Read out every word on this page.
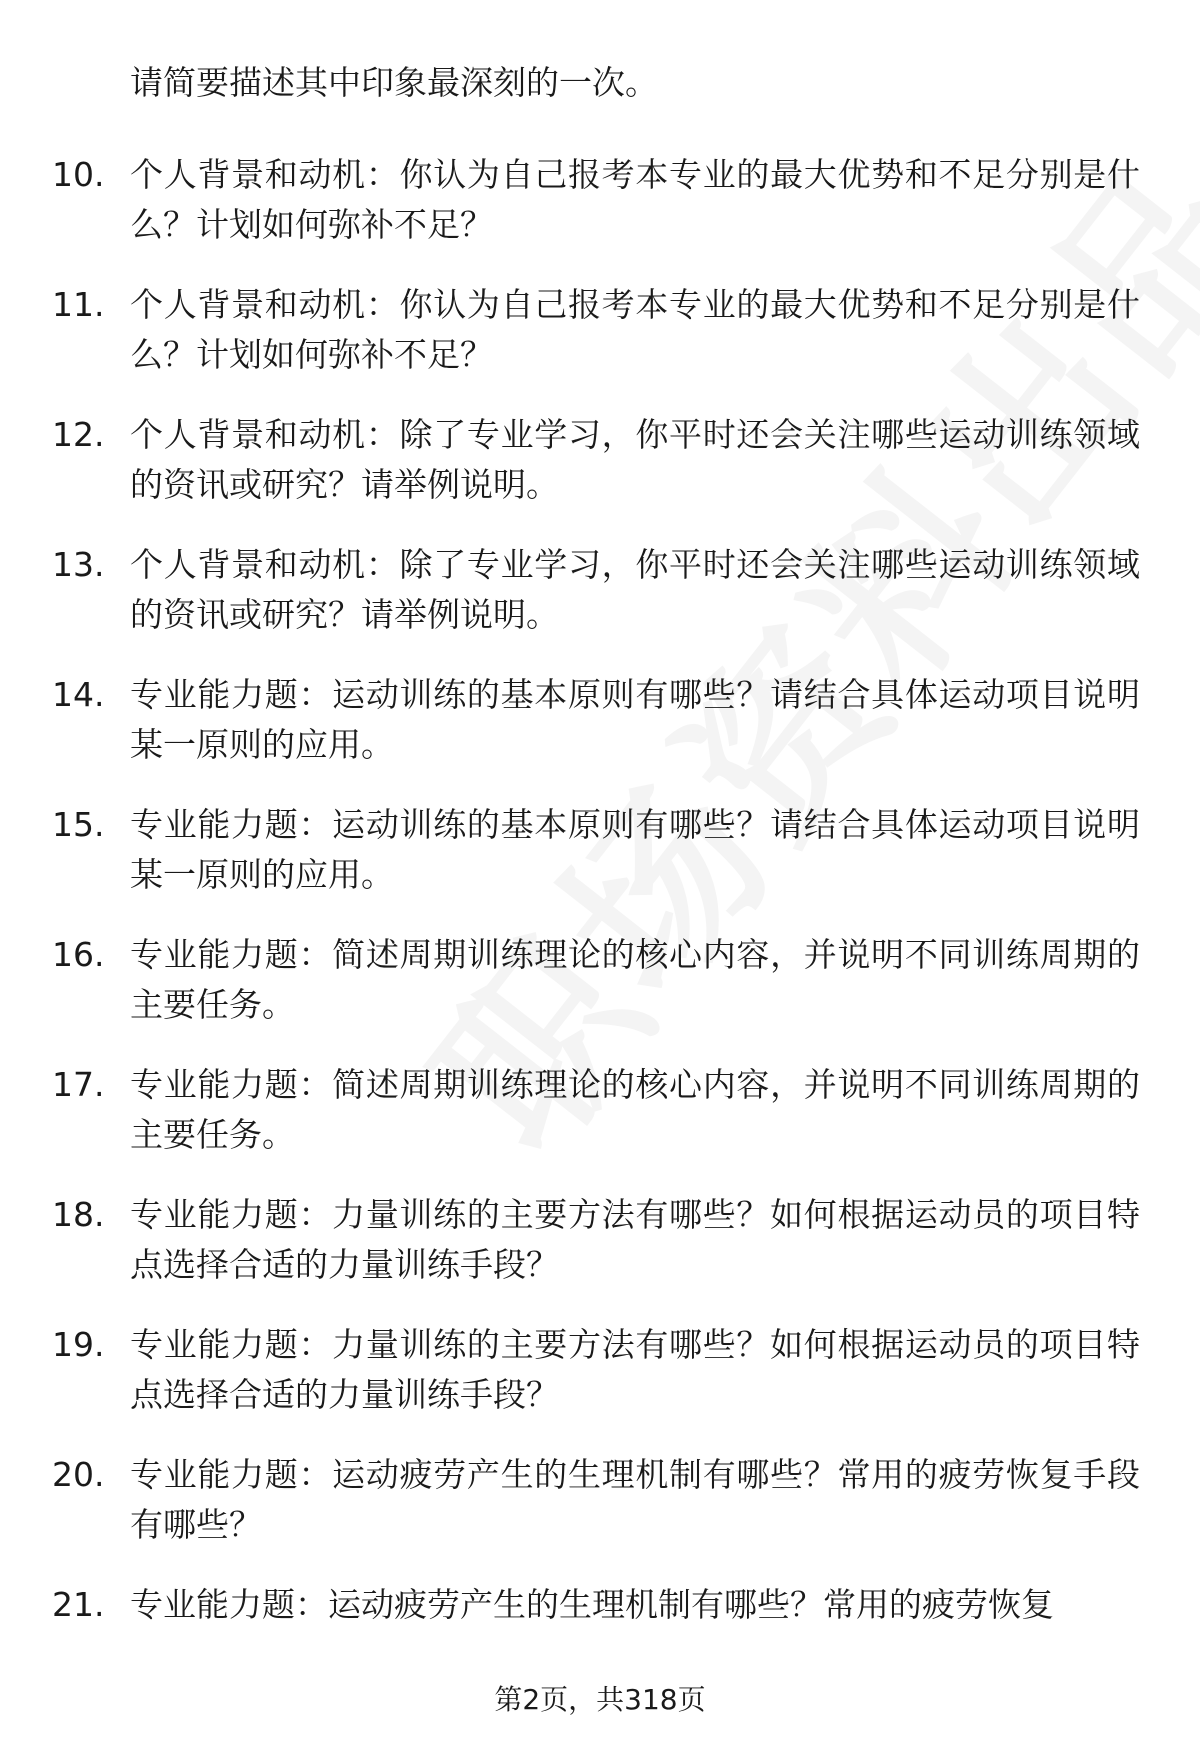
请简要描述其中印象最深刻的一次。
10. 个人背景和动机：你认为自己报考本专业的最大优势和不足分别是什么？计划如何弥补不足？
11. 个人背景和动机：你认为自己报考本专业的最大优势和不足分别是什么？计划如何弥补不足？
12. 个人背景和动机：除了专业学习，你平时还会关注哪些运动训练领域的资讯或研究？请举例说明。
13. 个人背景和动机：除了专业学习，你平时还会关注哪些运动训练领域的资讯或研究？请举例说明。
14. 专业能力题：运动训练的基本原则有哪些？请结合具体运动项目说明某一原则的应用。
15. 专业能力题：运动训练的基本原则有哪些？请结合具体运动项目说明某一原则的应用。
16. 专业能力题：简述周期训练理论的核心内容，并说明不同训练周期的主要任务。
17. 专业能力题：简述周期训练理论的核心内容，并说明不同训练周期的主要任务。
18. 专业能力题：力量训练的主要方法有哪些？如何根据运动员的项目特点选择合适的力量训练手段？
19. 专业能力题：力量训练的主要方法有哪些？如何根据运动员的项目特点选择合适的力量训练手段？
20. 专业能力题：运动疲劳产生的生理机制有哪些？常用的疲劳恢复手段有哪些？
21. 专业能力题：运动疲劳产生的生理机制有哪些？常用的疲劳恢复
第2页，共318页
